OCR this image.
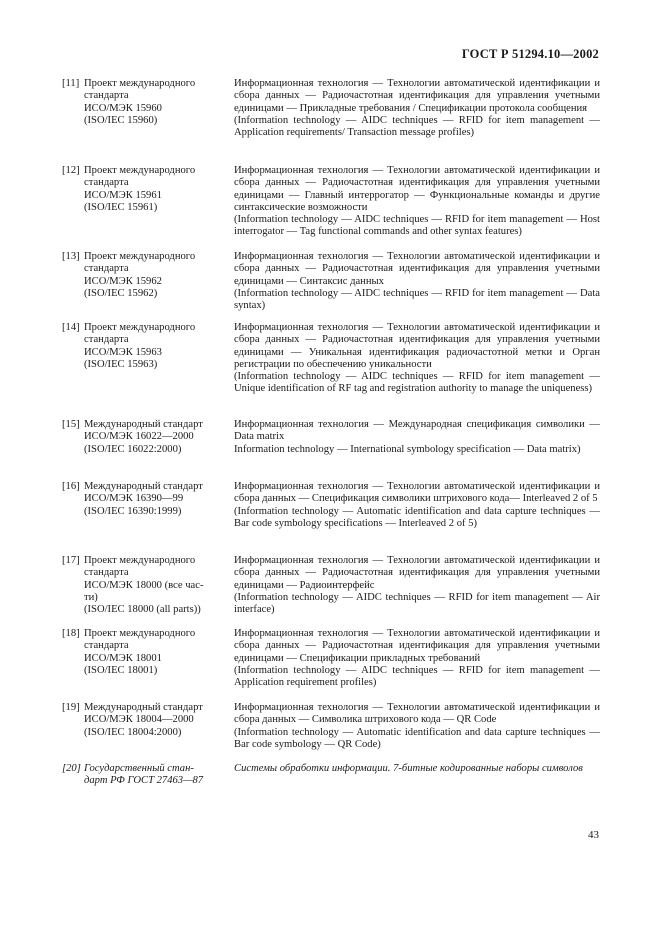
ГОСТ Р 51294.10—2002
[11] Проект международного
стандарта
ИСО/МЭК 15960
(ISO/IEC 15960)

Информационная технология — Технологии автоматической идентификации и сбора данных — Радиочастотная идентификация для управления учетными единицами — Прикладные требования / Спецификации протокола сообщения

(Information technology — AIDC techniques — RFID for item management — Application requirements/ Transaction message profiles)

[12] Проект международного
стандарта
ИСО/МЭК 15961
(ISO/IEC 15961)

Информационная технология — Технологии автоматической идентификации и сбора данных — Радиочастотная идентификация для управления учетными единицами — Главный интеррогатор — Функциональные команды и другие синтаксические возможности

(Information technology — AIDC techniques — RFID for item management — Host interrogator — Tag functional commands and other syntax features)

[13] Проект международного
стандарта
ИСО/МЭК 15962
(ISO/IEC 15962)

Информационная технология — Технологии автоматической идентификации и сбора данных — Радиочастотная идентификация для управления учетными единицами — Синтаксис данных

(Information technology — AIDC techniques — RFID for item management — Data syntax)

[14] Проект международного
стандарта
ИСО/МЭК 15963
(ISO/IEC 15963)

Информационная технология — Технологии автоматической идентификации и сбора данных — Радиочастотная идентификация для управления учетными единицами — Уникальная идентификация радиочастотной метки и Орган регистрации по обеспечению уникальности

(Information technology — AIDC techniques — RFID for item management — Unique identification of RF tag and registration authority to manage the uniqueness)

[15] Международный стандарт
ИСО/МЭК 16022—2000
(ISO/IEC 16022:2000)

Информационная технология — Международная спецификация символики — Data matrix

Information technology — International symbology specification — Data matrix)

[16] Международный стандарт
ИСО/МЭК 16390—99
(ISO/IEC 16390:1999)

Информационная технология — Технологии автоматической идентификации и сбора данных — Спецификация символики штрихового кода— Interleaved 2 of 5

(Information technology — Automatic identification and data capture techniques — Bar code symbology specifications — Interleaved 2 of 5)

[17] Проект международного
стандарта
ИСО/МЭК 18000 (все час-
ти)
(ISO/IEC 18000 (all parts))

Информационная технология — Технологии автоматической идентификации и сбора данных — Радиочастотная идентификация для управления учетными единицами — Радиоинтерфейс

(Information technology — AIDC techniques — RFID for item management — Air interface)

[18] Проект международного
стандарта
ИСО/МЭК 18001
(ISO/IEC 18001)

Информационная технология — Технологии автоматической идентификации и сбора данных — Радиочастотная идентификация для управления учетными единицами — Спецификации прикладных требований

(Information technology — AIDC techniques — RFID for item management — Application requirement profiles)

[19] Международный стандарт
ИСО/МЭК 18004—2000
(ISO/IEC 18004:2000)

Информационная технология — Технологии автоматической идентификации и сбора данных — Символика штрихового кода — QR Code

(Information technology — Automatic identification and data capture techniques — Bar code symbology — QR Code)

[20] Государственный стан-
дарт РФ ГОСТ 27463—87

Системы обработки информации. 7-битные кодированные наборы символов

43
